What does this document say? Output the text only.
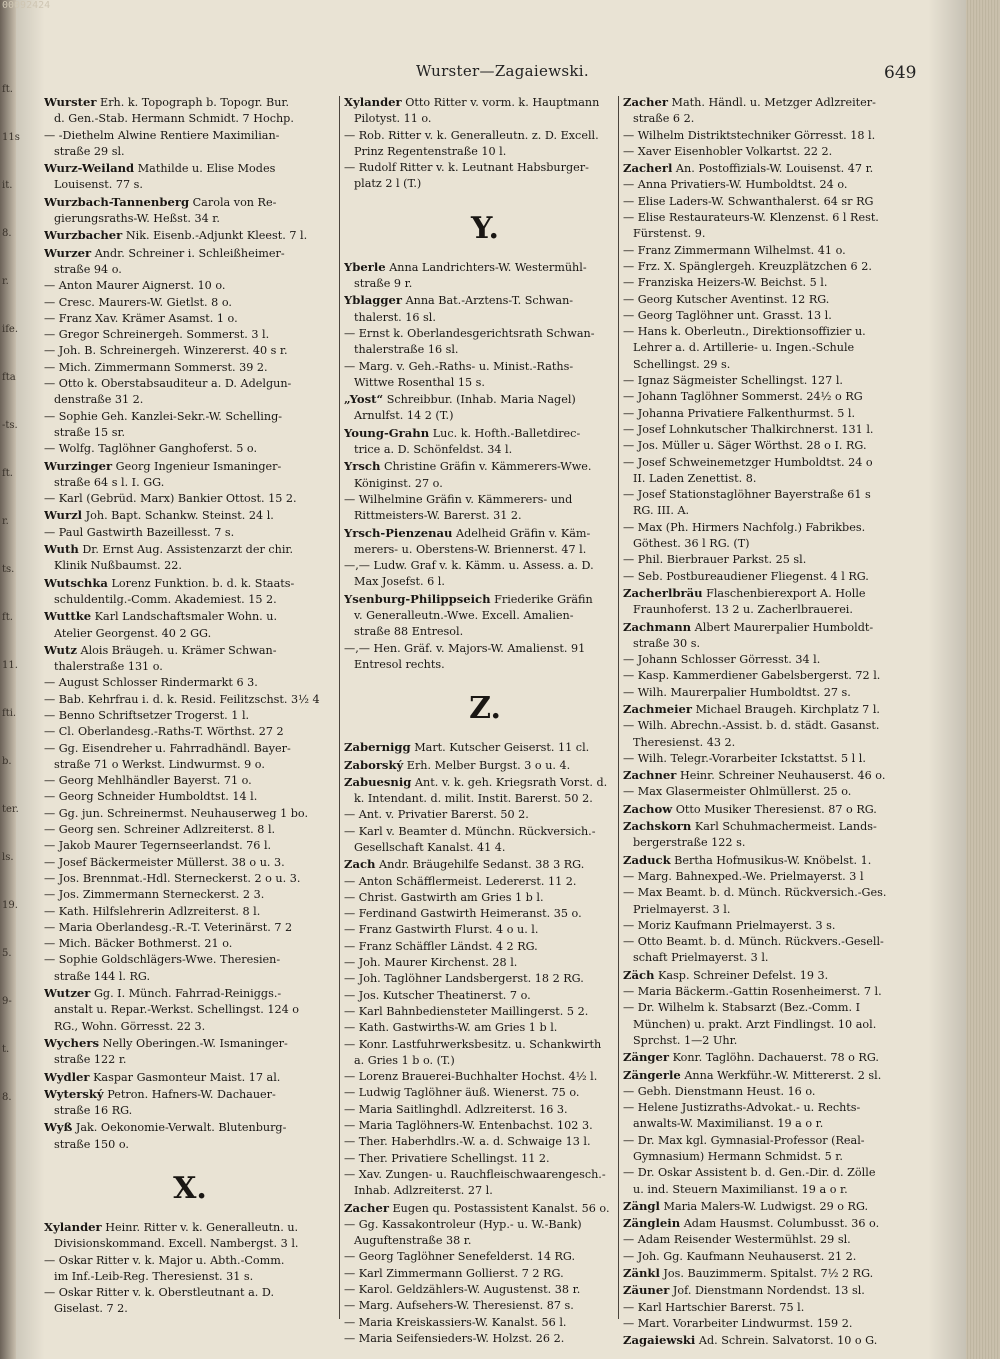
ft.
11s
it.
8.
r.
ife.
fta
-ts.
ft.
r.
ts.
ft.
11.
fti.
b.
ter.
ls.
19.
5.
9-
t.
8.
00092424
Wurster—Zagaiewski.	649
Wurster Erh. k. Topograph b. Topogr. Bur.
d. Gen.-Stab. Hermann Schmidt. 7 Hochp.
— -Diethelm Alwine Rentiere Maximilian-
straße 29 sl.
Wurz-Weiland Mathilde u. Elise Modes
Louisenst. 77 s.
Wurzbach-Tannenberg Carola von Re-
gierungsraths-W. Heßst. 34 r.
Wurzbacher Nik. Eisenb.-Adjunkt Kleest. 7 l.
Wurzer Andr. Schreiner i. Schleißheimer-
straße 94 o.
— Anton Maurer Aignerst. 10 o.
— Cresc. Maurers-W. Gietlst. 8 o.
— Franz Xav. Krämer Asamst. 1 o.
— Gregor Schreinergeh. Sommerst. 3 l.
— Joh. B. Schreinergeh. Winzererst. 40 s r.
— Mich. Zimmermann Sommerst. 39 2.
— Otto k. Oberstabsauditeur a. D. Adelgun-
denstraße 31 2.
— Sophie Geh. Kanzlei-Sekr.-W. Schelling-
straße 15 sr.
— Wolfg. Taglöhner Ganghoferst. 5 o.
Wurzinger Georg Ingenieur Ismaninger-
straße 64 s l. I. GG.
— Karl (Gebrüd. Marx) Bankier Ottost. 15 2.
Wurzl Joh. Bapt. Schankw. Steinst. 24 l.
— Paul Gastwirth Bazeillesst. 7 s.
Wuth Dr. Ernst Aug. Assistenzarzt der chir.
Klinik Nußbaumst. 22.
Wutschka Lorenz Funktion. b. d. k. Staats-
schuldentilg.-Comm. Akademiest. 15 2.
Wuttke Karl Landschaftsmaler Wohn. u.
Atelier Georgenst. 40 2 GG.
Wutz Alois Bräugeh. u. Krämer Schwan-
thalerstraße 131 o.
— August Schlosser Rindermarkt 6 3.
— Bab. Kehrfrau i. d. k. Resid. Feilitzschst. 3½ 4
— Benno Schriftsetzer Trogerst. 1 l.
— Cl. Oberlandesg.-Raths-T. Wörthst. 27 2
— Gg. Eisendreher u. Fahrradhändl. Bayer-
straße 71 o Werkst. Lindwurmst. 9 o.
— Georg Mehlhändler Bayerst. 71 o.
— Georg Schneider Humboldtst. 14 l.
— Gg. jun. Schreinermst. Neuhauserweg 1 bo.
— Georg sen. Schreiner Adlzreiterst. 8 l.
— Jakob Maurer Tegernseerlandst. 76 l.
— Josef Bäckermeister Müllerst. 38 o u. 3.
— Jos. Brennmat.-Hdl. Sterneckerst. 2 o u. 3.
— Jos. Zimmermann Sterneckerst. 2 3.
— Kath. Hilfslehrerin Adlzreiterst. 8 l.
— Maria Oberlandesg.-R.-T. Veterinärst. 7 2
— Mich. Bäcker Bothmerst. 21 o.
— Sophie Goldschlägers-Wwe. Theresien-
straße 144 l. RG.
Wutzer Gg. I. Münch. Fahrrad-Reiniggs.-
anstalt u. Repar.-Werkst. Schellingst. 124 o
RG., Wohn. Görresst. 22 3.
Wychers Nelly Oberingen.-W. Ismaninger-
straße 122 r.
Wydler Kaspar Gasmonteur Maist. 17 al.
Wyterský Petron. Hafners-W. Dachauer-
straße 16 RG.
Wyß Jak. Oekonomie-Verwalt. Blutenburg-
straße 150 o.
X.
Xylander Heinr. Ritter v. k. Generalleutn. u.
Divisionskommand. Excell. Nambergst. 3 l.
— Oskar Ritter v. k. Major u. Abth.-Comm.
im Inf.-Leib-Reg. Theresienst. 31 s.
— Oskar Ritter v. k. Oberstleutnant a. D.
Giselast. 7 2.
Xylander Otto Ritter v. vorm. k. Hauptmann
Pilotyst. 11 o.
— Rob. Ritter v. k. Generalleutn. z. D. Excell.
Prinz Regentenstraße 10 l.
— Rudolf Ritter v. k. Leutnant Habsburger-
platz 2 l (T.)
Y.
Yberle Anna Landrichters-W. Westermühl-
straße 9 r.
Yblagger Anna Bat.-Arztens-T. Schwan-
thalerst. 16 sl.
— Ernst k. Oberlandesgerichtsrath Schwan-
thalerstraße 16 sl.
— Marg. v. Geh.-Raths- u. Minist.-Raths-
Wittwe Rosenthal 15 s.
„Yost“ Schreibbur. (Inhab. Maria Nagel)
Arnulfst. 14 2 (T.)
Young-Grahn Luc. k. Hofth.-Balletdirec-
trice a. D. Schönfeldst. 34 l.
Yrsch Christine Gräfin v. Kämmerers-Wwe.
Königinst. 27 o.
— Wilhelmine Gräfin v. Kämmerers- und
Rittmeisters-W. Barerst. 31 2.
Yrsch-Pienzenau Adelheid Gräfin v. Käm-
merers- u. Oberstens-W. Briennerst. 47 l.
—,— Ludw. Graf v. k. Kämm. u. Assess. a. D.
Max Josefst. 6 l.
Ysenburg-Philippseich Friederike Gräfin
v. Generalleutn.-Wwe. Excell. Amalien-
straße 88 Entresol.
—,— Hen. Gräf. v. Majors-W. Amalienst. 91
Entresol rechts.
Z.
Zabernigg Mart. Kutscher Geiserst. 11 cl.
Zaborský Erh. Melber Burgst. 3 o u. 4.
Zabuesnig Ant. v. k. geh. Kriegsrath Vorst. d.
k. Intendant. d. milit. Instit. Barerst. 50 2.
— Ant. v. Privatier Barerst. 50 2.
— Karl v. Beamter d. Münchn. Rückversich.-
Gesellschaft Kanalst. 41 4.
Zach Andr. Bräugehilfe Sedanst. 38 3 RG.
— Anton Schäfflermeist. Ledererst. 11 2.
— Christ. Gastwirth am Gries 1 b l.
— Ferdinand Gastwirth Heimeranst. 35 o.
— Franz Gastwirth Flurst. 4 o u. l.
— Franz Schäffler Ländst. 4 2 RG.
— Joh. Maurer Kirchenst. 28 l.
— Joh. Taglöhner Landsbergerst. 18 2 RG.
— Jos. Kutscher Theatinerst. 7 o.
— Karl Bahnbediensteter Maillingerst. 5 2.
— Kath. Gastwirths-W. am Gries 1 b l.
— Konr. Lastfuhrwerksbesitz. u. Schankwirth
a. Gries 1 b o. (T.)
— Lorenz Brauerei-Buchhalter Hochst. 4½ l.
— Ludwig Taglöhner äuß. Wienerst. 75 o.
— Maria Saitlinghdl. Adlzreiterst. 16 3.
— Maria Taglöhners-W. Entenbachst. 102 3.
— Ther. Haberhdlrs.-W. a. d. Schwaige 13 l.
— Ther. Privatiere Schellingst. 11 2.
— Xav. Zungen- u. Rauchfleischwaarengesch.-
Inhab. Adlzreiterst. 27 l.
Zacher Eugen qu. Postassistent Kanalst. 56 o.
— Gg. Kassakontroleur (Hyp.- u. W.-Bank)
Auguftenstraße 38 r.
— Georg Taglöhner Senefelderst. 14 RG.
— Karl Zimmermann Gollierst. 7 2 RG.
— Karol. Geldzählers-W. Augustenst. 38 r.
— Marg. Aufsehers-W. Theresienst. 87 s.
— Maria Kreiskassiers-W. Kanalst. 56 l.
— Maria Seifensieders-W. Holzst. 26 2.
Zacher Math. Händl. u. Metzger Adlzreiter-
straße 6 2.
— Wilhelm Distriktstechniker Görresst. 18 l.
— Xaver Eisenhobler Volkartst. 22 2.
Zacherl An. Postoffizials-W. Louisenst. 47 r.
— Anna Privatiers-W. Humboldtst. 24 o.
— Elise Laders-W. Schwanthalerst. 64 sr RG
— Elise Restaurateurs-W. Klenzenst. 6 l Rest.
Fürstenst. 9.
— Franz Zimmermann Wilhelmst. 41 o.
— Frz. X. Spänglergeh. Kreuzplätzchen 6 2.
— Franziska Heizers-W. Beichst. 5 l.
— Georg Kutscher Aventinst. 12 RG.
— Georg Taglöhner unt. Grasst. 13 l.
— Hans k. Oberleutn., Direktionsoffizier u.
Lehrer a. d. Artillerie- u. Ingen.-Schule
Schellingst. 29 s.
— Ignaz Sägmeister Schellingst. 127 l.
— Johann Taglöhner Sommerst. 24½ o RG
— Johanna Privatiere Falkenthurmst. 5 l.
— Josef Lohnkutscher Thalkirchnerst. 131 l.
— Jos. Müller u. Säger Wörthst. 28 o I. RG.
— Josef Schweinemetzger Humboldtst. 24 o
II. Laden Zenettist. 8.
— Josef Stationstaglöhner Bayerstraße 61 s
RG. III. A.
— Max (Ph. Hirmers Nachfolg.) Fabrikbes.
Göthest. 36 l RG. (T)
— Phil. Bierbrauer Parkst. 25 sl.
— Seb. Postbureaudiener Fliegenst. 4 l RG.
Zacherlbräu Flaschenbierexport A. Holle
Fraunhoferst. 13 2 u. Zacherlbrauerei.
Zachmann Albert Maurerpalier Humboldt-
straße 30 s.
— Johann Schlosser Görresst. 34 l.
— Kasp. Kammerdiener Gabelsbergerst. 72 l.
— Wilh. Maurerpalier Humboldtst. 27 s.
Zachmeier Michael Braugeh. Kirchplatz 7 l.
— Wilh. Abrechn.-Assist. b. d. städt. Gasanst.
Theresienst. 43 2.
— Wilh. Telegr.-Vorarbeiter Ickstattst. 5 l l.
Zachner Heinr. Schreiner Neuhauserst. 46 o.
— Max Glasermeister Ohlmüllerst. 25 o.
Zachow Otto Musiker Theresienst. 87 o RG.
Zachskorn Karl Schuhmachermeist. Lands-
bergerstraße 122 s.
Zaduck Bertha Hofmusikus-W. Knöbelst. 1.
— Marg. Bahnexped.-We. Prielmayerst. 3 l
— Max Beamt. b. d. Münch. Rückversich.-Ges.
Prielmayerst. 3 l.
— Moriz Kaufmann Prielmayerst. 3 s.
— Otto Beamt. b. d. Münch. Rückvers.-Gesell-
schaft Prielmayerst. 3 l.
Zäch Kasp. Schreiner Defelst. 19 3.
— Maria Bäckerm.-Gattin Rosenheimerst. 7 l.
— Dr. Wilhelm k. Stabsarzt (Bez.-Comm. I
München) u. prakt. Arzt Findlingst. 10 aol.
Sprchst. 1—2 Uhr.
Zänger Konr. Taglöhn. Dachauerst. 78 o RG.
Zängerle Anna Werkführ.-W. Mittererst. 2 sl.
— Gebh. Dienstmann Heust. 16 o.
— Helene Justizraths-Advokat.- u. Rechts-
anwalts-W. Maximilianst. 19 a o r.
— Dr. Max kgl. Gymnasial-Professor (Real-
Gymnasium) Hermann Schmidst. 5 r.
— Dr. Oskar Assistent b. d. Gen.-Dir. d. Zölle
u. ind. Steuern Maximilianst. 19 a o r.
Zängl Maria Malers-W. Ludwigst. 29 o RG.
Zänglein Adam Hausmst. Columbusst. 36 o.
— Adam Reisender Westermühlst. 29 sl.
— Joh. Gg. Kaufmann Neuhauserst. 21 2.
Zänkl Jos. Bauzimmerm. Spitalst. 7½ 2 RG.
Zäuner Jof. Dienstmann Nordendst. 13 sl.
— Karl Hartschier Barerst. 75 l.
— Mart. Vorarbeiter Lindwurmst. 159 2.
Zagaiewski Ad. Schrein. Salvatorst. 10 o G.
